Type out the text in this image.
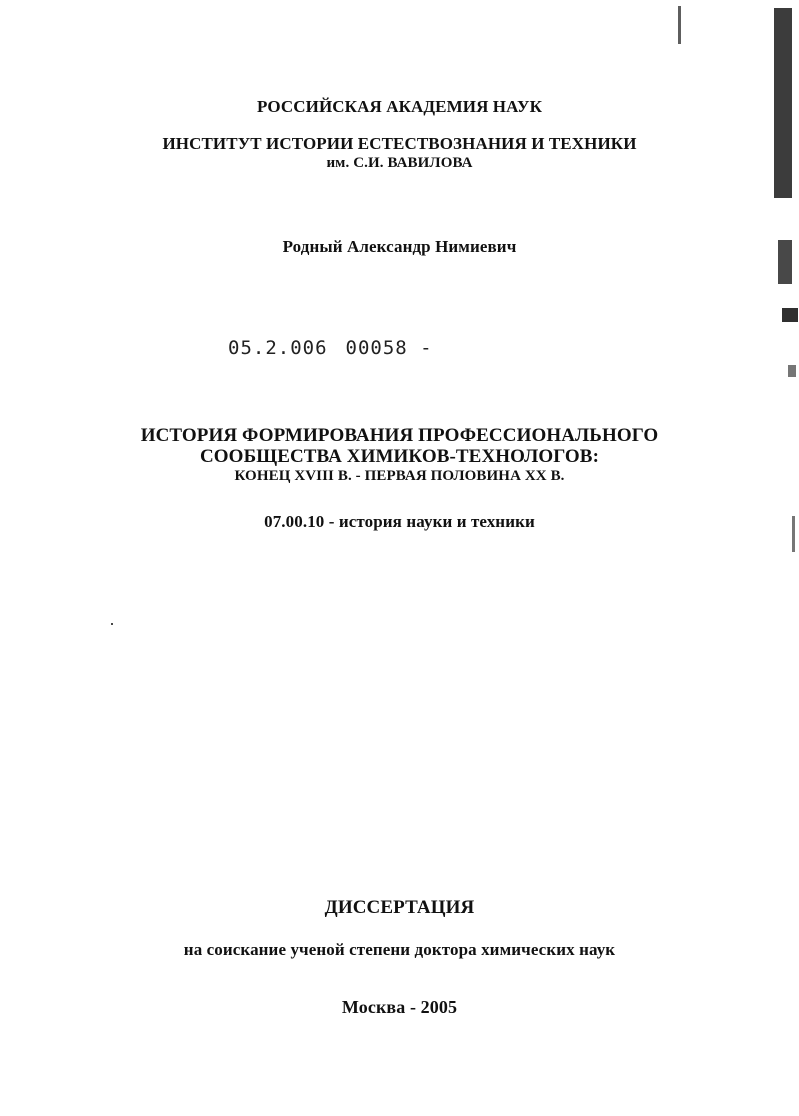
РОССИЙСКАЯ АКАДЕМИЯ НАУК
ИНСТИТУТ ИСТОРИИ ЕСТЕСТВОЗНАНИЯ И ТЕХНИКИ
им. С.И. ВАВИЛОВА
Родный Александр Нимиевич
05.2.006 00058 -
ИСТОРИЯ ФОРМИРОВАНИЯ ПРОФЕССИОНАЛЬНОГО
СООБЩЕСТВА ХИМИКОВ-ТЕХНОЛОГОВ:
КОНЕЦ XVIII В. - ПЕРВАЯ ПОЛОВИНА XX В.
07.00.10 - история науки и техники
ДИССЕРТАЦИЯ
на соискание ученой степени доктора химических наук
Москва - 2005
